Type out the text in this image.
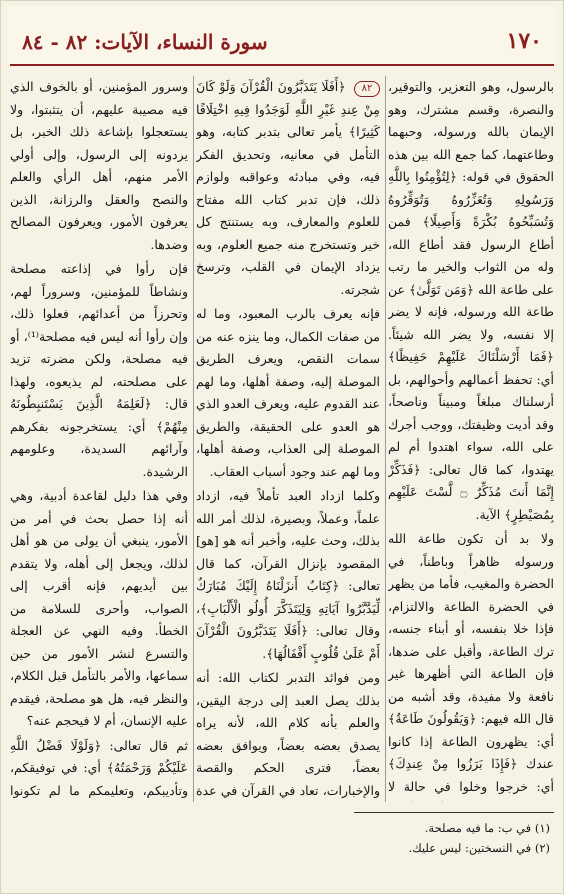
١٧٠
سورة النساء، الآيات: ٨٢ - ٨٤

بالرسول، وهو التعزير، والتوقير، والنصرة، وقسم مشترك، وهو الإيمان بالله ورسوله، وحبهما وطاعتهما، كما جمع الله بين هذه الحقوق في قوله: ﴿لِتُؤْمِنُوا بِاللَّهِ وَرَسُولِهِ وَتُعَزِّرُوهُ وَتُوَقِّرُوهُ وَتُسَبِّحُوهُ بُكْرَةً وَأَصِيلًا﴾ فمن أطاع الرسول فقد أطاع الله، وله من الثواب والخير ما رتب على طاعة الله ﴿وَمَن تَوَلَّىٰ﴾ عن طاعة الله ورسوله، فإنه لا يضر إلا نفسه، ولا يضر الله شيئاً. ﴿فَمَا أَرْسَلْنَاكَ عَلَيْهِمْ حَفِيظًا﴾ أي: تحفظ أعمالهم وأحوالهم، بل أرسلناك مبلغاً ومبيناً وناصحاً، وقد أديت وظيفتك، ووجب أجرك على الله، سواء اهتدوا أم لم يهتدوا، كما قال تعالى: ﴿فَذَكِّرْ إِنَّمَا أَنتَ مُذَكِّرٌ ۝ لَّسْتَ عَلَيْهِم بِمُصَيْطِرٍ﴾ الآية.

ولا بد أن تكون طاعة الله ورسوله ظاهراً وباطناً، في الحضرة والمغيب، فأما من يظهر في الحضرة الطاعة والالتزام، فإذا خلا بنفسه، أو أبناء جنسه، ترك الطاعة، وأقبل على ضدها، فإن الطاعة التي أظهرها غير نافعة ولا مفيدة، وقد أشبه من قال الله فيهم: ﴿وَيَقُولُونَ طَاعَةٌ﴾ أي: يظهرون الطاعة إذا كانوا عندك ﴿فَإِذَا بَرَزُوا مِنْ عِندِكَ﴾ أي: خرجوا وخلوا في حالة لا

٨٢ ﴿أَفَلَا يَتَدَبَّرُونَ الْقُرْآنَ وَلَوْ كَانَ مِنْ عِندِ غَيْرِ اللَّهِ لَوَجَدُوا فِيهِ اخْتِلَافًا كَثِيرًا﴾ يأمر تعالى بتدبر كتابه، وهو التأمل في معانيه، وتحديق الفكر فيه، وفي مبادئه وعواقبه ولوازم ذلك، فإن تدبر كتاب الله مفتاح للعلوم والمعارف، وبه يستنتج كل خير وتستخرج منه جميع العلوم، وبه يزداد الإيمان في القلب، وترسخ شجرته.

فإنه يعرف بالرب المعبود، وما له من صفات الكمال، وما ينزه عنه من سمات النقص، ويعرف الطريق الموصلة إليه، وصفة أهلها، وما لهم عند القدوم عليه، ويعرف العدو الذي هو العدو على الحقيقة، والطريق الموصلة إلى العذاب، وصفة أهلها، وما لهم عند وجود أسباب العقاب.

وكلما ازداد العبد تأملاً فيه، ازداد علماً، وعملاً، وبصيرة، لذلك أمر الله بذلك، وحث عليه، وأخبر أنه هو [هو] المقصود بإنزال القرآن، كما قال تعالى: ﴿كِتَابٌ أَنزَلْنَاهُ إِلَيْكَ مُبَارَكٌ لِّيَدَّبَّرُوا آيَاتِهِ وَلِيَتَذَكَّرَ أُولُو الْأَلْبَابِ﴾، وقال تعالى: ﴿أَفَلَا يَتَدَبَّرُونَ الْقُرْآنَ أَمْ عَلَىٰ قُلُوبٍ أَقْفَالُهَا﴾.

ومن فوائد التدبر لكتاب الله: أنه بذلك يصل العبد إلى درجة اليقين، والعلم بأنه كلام الله، لأنه يراه يصدق بعضه بعضاً، ويوافق بعضه بعضاً، فترى الحكم والقصة والإخبارات، تعاد في القرآن في عدة

وسرور المؤمنين، أو بالخوف الذي فيه مصيبة عليهم، أن يتثبتوا، ولا يستعجلوا بإشاعة ذلك الخبر، بل يردونه إلى الرسول، وإلى أولي الأمر منهم، أهل الرأي والعلم والنصح والعقل والرزانة، الذين يعرفون الأمور، ويعرفون المصالح وضدها.

فإن رأوا في إذاعته مصلحة ونشاطاً للمؤمنين، وسروراً لهم، وتحرزاً من أعدائهم، فعلوا ذلك، وإن رأوا أنه ليس فيه مصلحة⁽¹⁾، أو فيه مصلحة، ولكن مضرته تزيد على مصلحته، لم يذيعوه، ولهذا قال: ﴿لَعَلِمَهُ الَّذِينَ يَسْتَنبِطُونَهُ مِنْهُمْ﴾ أي: يستخرجونه بفكرهم وآرائهم السديدة، وعلومهم الرشيدة.

وفي هذا دليل لقاعدة أدبية، وهي أنه إذا حصل بحث في أمر من الأمور، ينبغي أن يولى من هو أهل لذلك، ويجعل إلى أهله، ولا يتقدم بين أيديهم، فإنه أقرب إلى الصواب، وأحرى للسلامة من الخطأ. وفيه النهي عن العجلة والتسرع لنشر الأمور من حين سماعها، والأمر بالتأمل قبل الكلام، والنظر فيه، هل هو مصلحة، فيقدم عليه الإنسان، أم لا فيحجم عنه؟

ثم قال تعالى: ﴿وَلَوْلَا فَضْلُ اللَّهِ عَلَيْكُمْ وَرَحْمَتُهُ﴾ أي: في توفيقكم، وتأديبكم، وتعليمكم ما لم تكونوا

(١) في ب: ما فيه مصلحة.

(٢) في النسختين: ليس عليك.
